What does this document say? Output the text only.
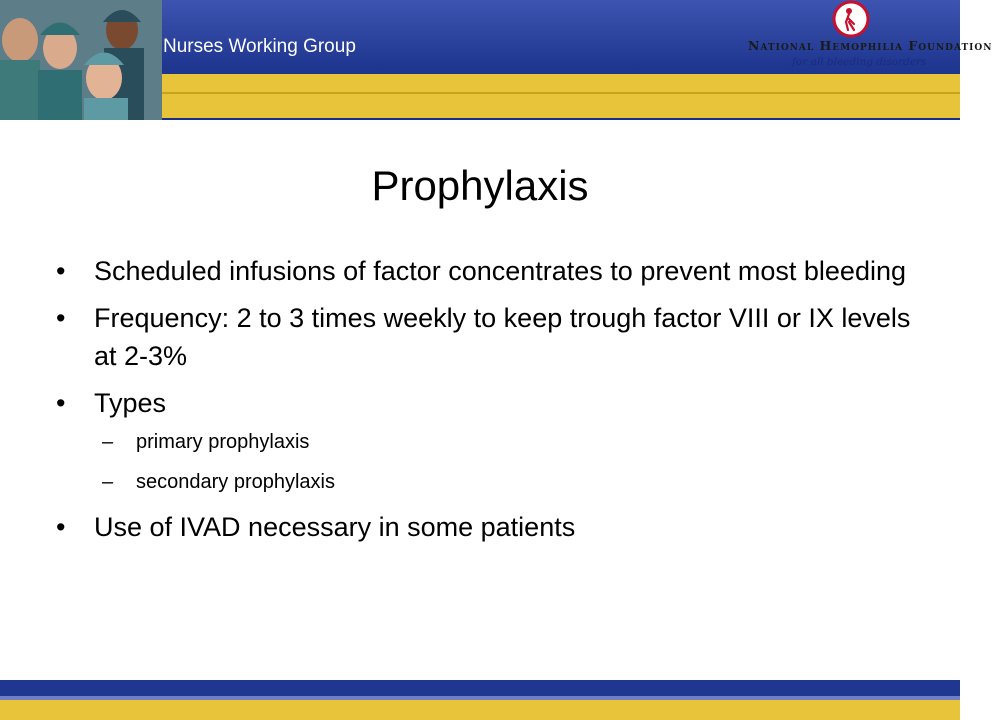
Nurses Working Group	National Hemophilia Foundation
for all bleeding disorders
Prophylaxis
• Scheduled infusions of factor concentrates to prevent most bleeding
• Frequency: 2 to 3 times weekly to keep trough factor VIII or IX levels at 2-3%
• Types
– primary prophylaxis
– secondary prophylaxis
• Use of IVAD necessary in some patients
